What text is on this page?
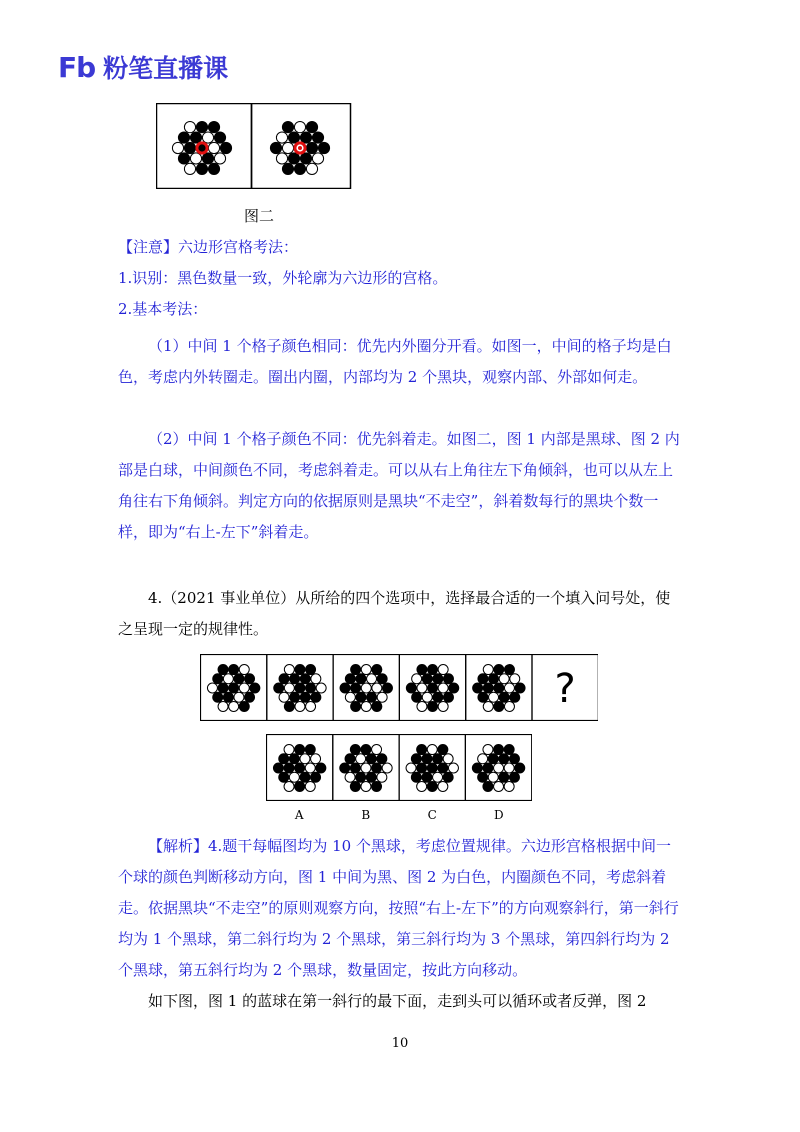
Fb 粉笔直播课
图二

【注意】六边形宫格考法：

1.识别：黑色数量一致，外轮廓为六边形的宫格。

2.基本考法：

（1）中间 1 个格子颜色相同：优先内外圈分开看。如图一，中间的格子均是白色，考虑内外转圈走。圈出内圈，内部均为 2 个黑块，观察内部、外部如何走。

（2）中间 1 个格子颜色不同：优先斜着走。如图二，图 1 内部是黑球、图 2 内部是白球，中间颜色不同，考虑斜着走。可以从右上角往左下角倾斜，也可以从左上角往右下角倾斜。判定方向的依据原则是黑块“不走空”，斜着数每行的黑块个数一样，即为“右上-左下”斜着走。

4.（2021 事业单位）从所给的四个选项中，选择最合适的一个填入问号处，使之呈现一定的规律性。

?
A	B	C	D

【解析】4.题干每幅图均为 10 个黑球，考虑位置规律。六边形宫格根据中间一个球的颜色判断移动方向，图 1 中间为黑、图 2 为白色，内圈颜色不同，考虑斜着走。依据黑块“不走空”的原则观察方向，按照“右上-左下”的方向观察斜行，第一斜行均为 1 个黑球，第二斜行均为 2 个黑球，第三斜行均为 3 个黑球，第四斜行均为 2 个黑球，第五斜行均为 2 个黑球，数量固定，按此方向移动。

如下图，图 1 的蓝球在第一斜行的最下面，走到头可以循环或者反弹，图 2

10
